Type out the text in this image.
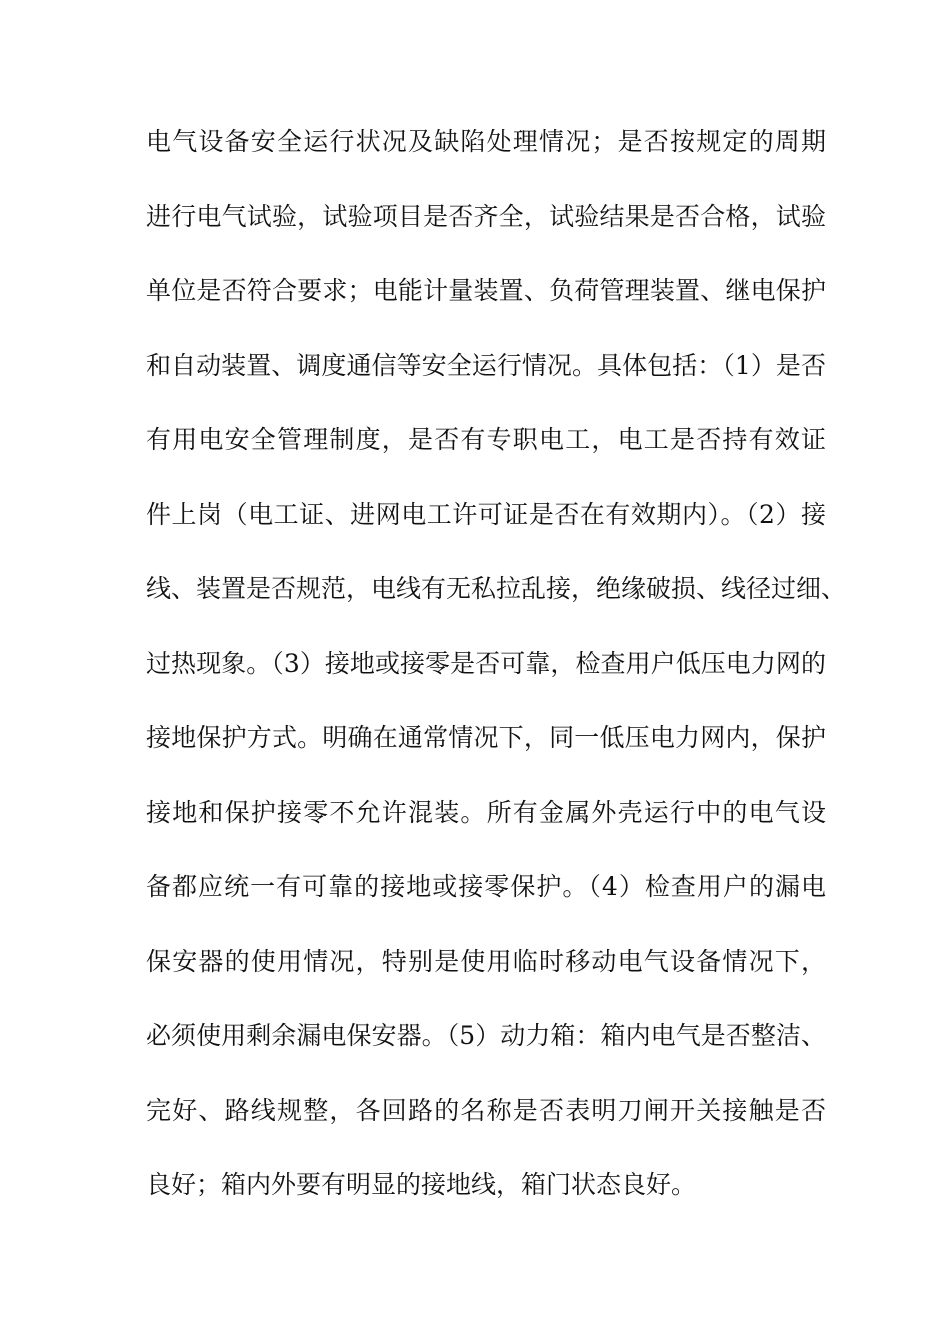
电气设备安全运行状况及缺陷处理情况；是否按规定的周期
进行电气试验，试验项目是否齐全，试验结果是否合格，试验
单位是否符合要求；电能计量装置、负荷管理装置、继电保护
和自动装置、调度通信等安全运行情况。具体包括：（1）是否
有用电安全管理制度，是否有专职电工，电工是否持有效证
件上岗（电工证、进网电工许可证是否在有效期内）。（2）接
线、装置是否规范，电线有无私拉乱接，绝缘破损、线径过细、
过热现象。（3）接地或接零是否可靠，检查用户低压电力网的
接地保护方式。明确在通常情况下，同一低压电力网内，保护
接地和保护接零不允许混装。所有金属外壳运行中的电气设
备都应统一有可靠的接地或接零保护。（4）检查用户的漏电
保安器的使用情况，特别是使用临时移动电气设备情况下，
必须使用剩余漏电保安器。（5）动力箱：箱内电气是否整洁、
完好、路线规整，各回路的名称是否表明刀闸开关接触是否
良好；箱内外要有明显的接地线，箱门状态良好。
